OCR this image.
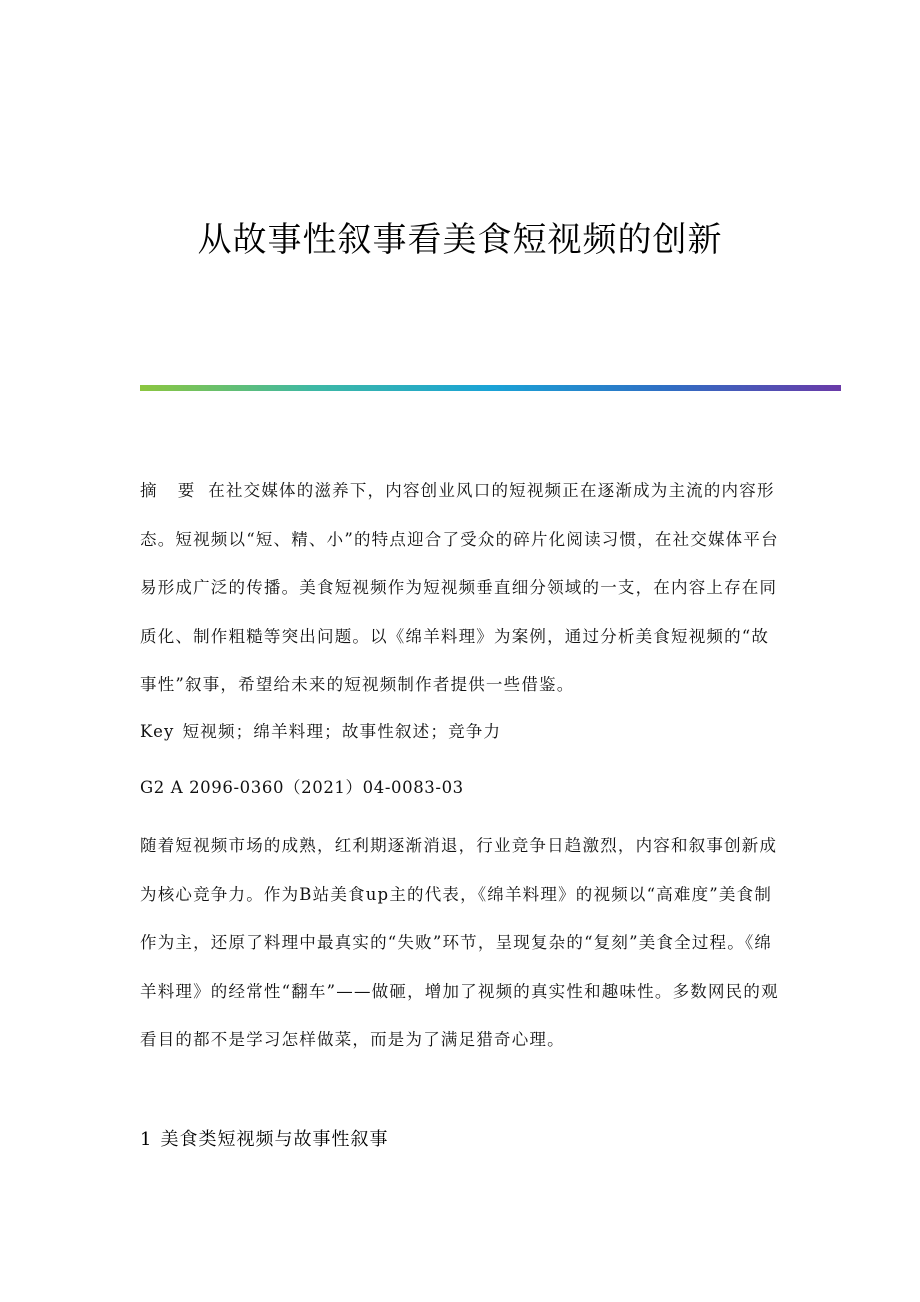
从故事性叙事看美食短视频的创新
摘 要 在社交媒体的滋养下，内容创业风口的短视频正在逐渐成为主流的内容形态。短视频以“短、精、小”的特点迎合了受众的碎片化阅读习惯，在社交媒体平台易形成广泛的传播。美食短视频作为短视频垂直细分领域的一支，在内容上存在同质化、制作粗糙等突出问题。以《绵羊料理》为案例，通过分析美食短视频的“故事性”叙事，希望给未来的短视频制作者提供一些借鉴。
Key 短视频；绵羊料理；故事性叙述；竞争力
G2 A 2096-0360（2021）04-0083-03
随着短视频市场的成熟，红利期逐渐消退，行业竞争日趋激烈，内容和叙事创新成为核心竞争力。作为B站美食up主的代表，《绵羊料理》的视频以“高难度”美食制作为主，还原了料理中最真实的“失败”环节，呈现复杂的“复刻”美食全过程。《绵羊料理》的经常性“翻车”——做砸，增加了视频的真实性和趣味性。多数网民的观看目的都不是学习怎样做菜，而是为了满足猎奇心理。
1 美食类短视频与故事性叙事
